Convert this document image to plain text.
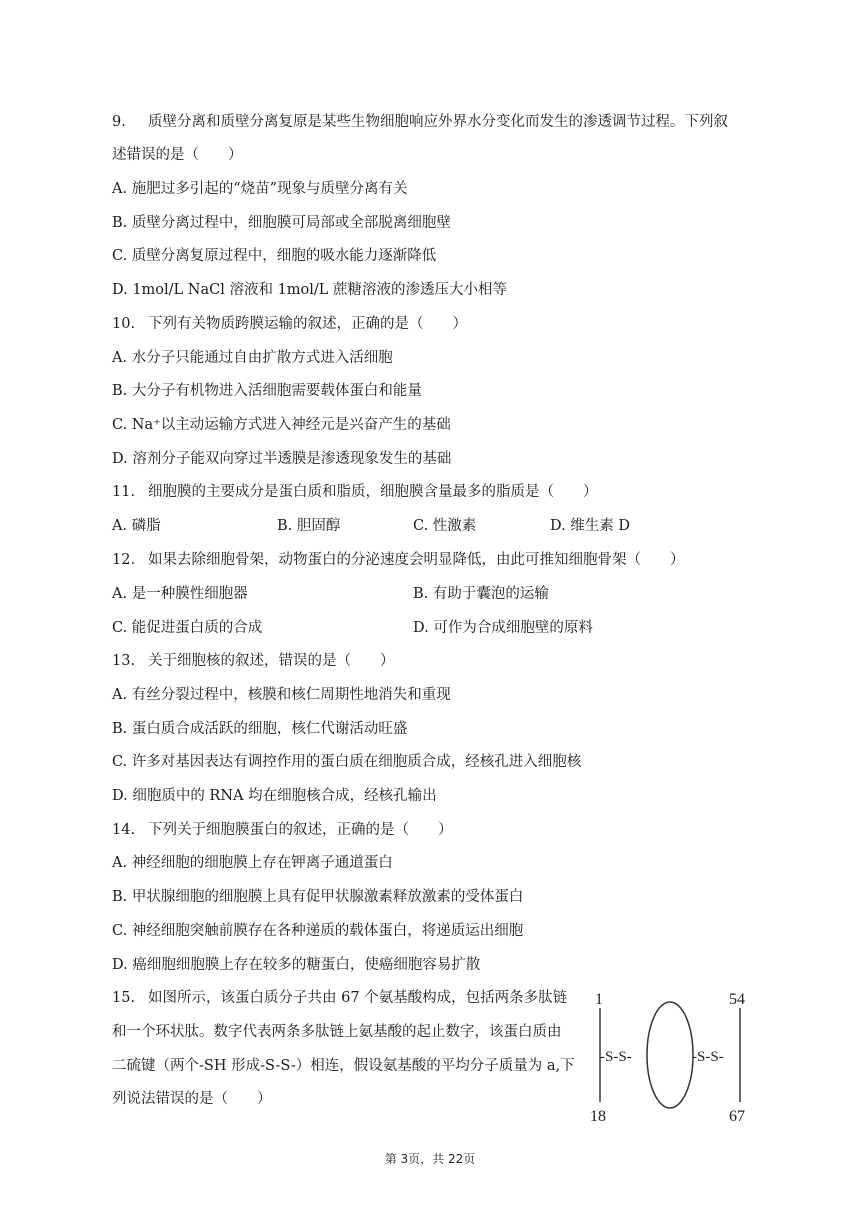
9. 质壁分离和质壁分离复原是某些生物细胞响应外界水分变化而发生的渗透调节过程。下列叙
述错误的是（　　）
A. 施肥过多引起的“烧苗”现象与质壁分离有关
B. 质壁分离过程中，细胞膜可局部或全部脱离细胞壁
C. 质壁分离复原过程中，细胞的吸水能力逐渐降低
D. 1mol/L NaCl 溶液和 1mol/L 蔗糖溶液的渗透压大小相等
10. 下列有关物质跨膜运输的叙述，正确的是（　　）
A. 水分子只能通过自由扩散方式进入活细胞
B. 大分子有机物进入活细胞需要载体蛋白和能量
C. Na⁺以主动运输方式进入神经元是兴奋产生的基础
D. 溶剂分子能双向穿过半透膜是渗透现象发生的基础
11. 细胞膜的主要成分是蛋白质和脂质，细胞膜含量最多的脂质是（　　）
A. 磷脂	B. 胆固醇	C. 性激素	D. 维生素 D
12. 如果去除细胞骨架，动物蛋白的分泌速度会明显降低，由此可推知细胞骨架（　　）
A. 是一种膜性细胞器	B. 有助于囊泡的运输
C. 能促进蛋白质的合成	D. 可作为合成细胞壁的原料
13. 关于细胞核的叙述，错误的是（　　）
A. 有丝分裂过程中，核膜和核仁周期性地消失和重现
B. 蛋白质合成活跃的细胞，核仁代谢活动旺盛
C. 许多对基因表达有调控作用的蛋白质在细胞质合成，经核孔进入细胞核
D. 细胞质中的 RNA 均在细胞核合成，经核孔输出
14. 下列关于细胞膜蛋白的叙述，正确的是（　　）
A. 神经细胞的细胞膜上存在钾离子通道蛋白
B. 甲状腺细胞的细胞膜上具有促甲状腺激素释放激素的受体蛋白
C. 神经细胞突触前膜存在各种递质的载体蛋白，将递质运出细胞
D. 癌细胞细胞膜上存在较多的糖蛋白，使癌细胞容易扩散
15. 如图所示，该蛋白质分子共由 67 个氨基酸构成，包括两条多肽链
和一个环状肽。数字代表两条多肽链上氨基酸的起止数字，该蛋白质由
二硫键（两个-SH 形成-S-S-）相连，假设氨基酸的平均分子质量为 a,下
列说法错误的是（　　）
1	54
18	67
-S-S-	-S-S-
第 3页，共 22页
